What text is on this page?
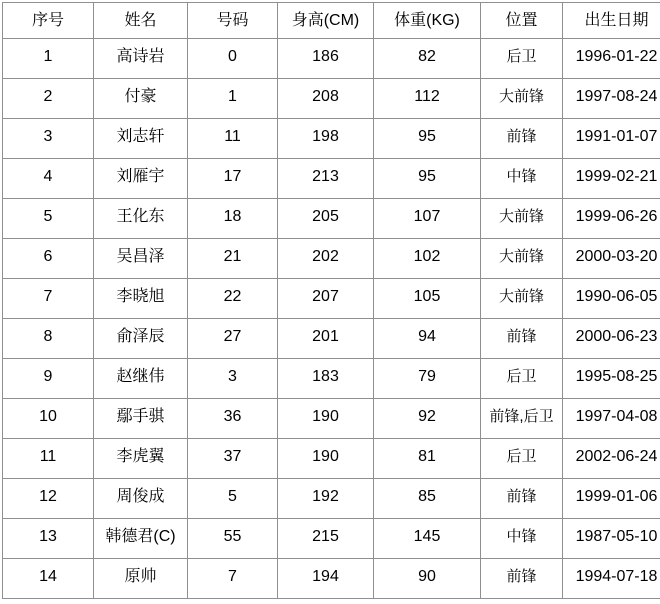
序号	姓名	号码	身高(CM)	体重(KG)	位置	出生日期
1	高诗岩	0	186	82	后卫	1996-01-22
2	付豪	1	208	112	大前锋	1997-08-24
3	刘志轩	11	198	95	前锋	1991-01-07
4	刘雁宇	17	213	95	中锋	1999-02-21
5	王化东	18	205	107	大前锋	1999-06-26
6	吴昌泽	21	202	102	大前锋	2000-03-20
7	李晓旭	22	207	105	大前锋	1990-06-05
8	俞泽辰	27	201	94	前锋	2000-06-23
9	赵继伟	3	183	79	后卫	1995-08-25
10	鄢手骐	36	190	92	前锋,后卫	1997-04-08
11	李虎翼	37	190	81	后卫	2002-06-24
12	周俊成	5	192	85	前锋	1999-01-06
13	韩德君(C)	55	215	145	中锋	1987-05-10
14	原帅	7	194	90	前锋	1994-07-18
